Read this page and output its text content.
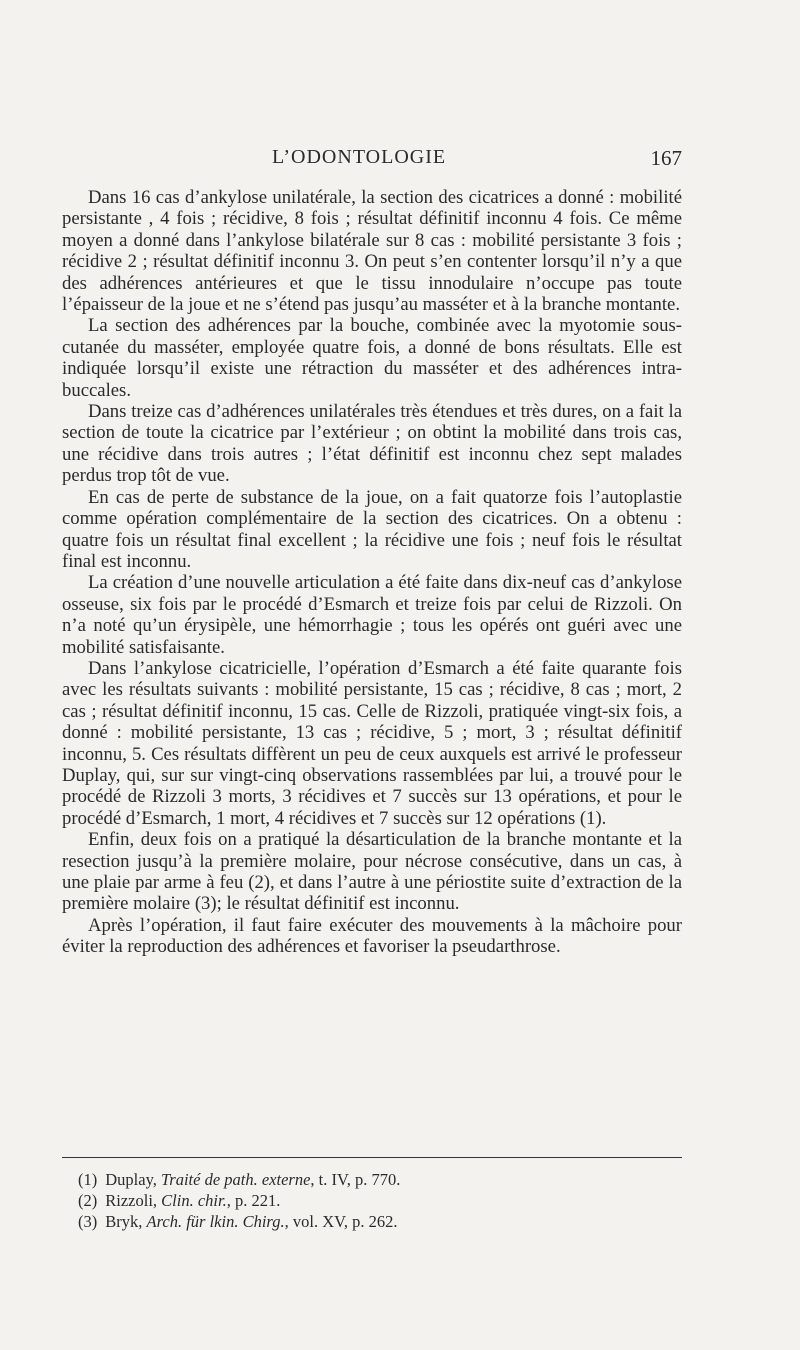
L’ODONTOLOGIE	167

Dans 16 cas d’ankylose unilatérale, la section des cicatrices a donné : mobilité persistante , 4 fois ; récidive, 8 fois ; résultat définitif inconnu 4 fois. Ce même moyen a donné dans l’ankylose bilatérale sur 8 cas : mobilité persistante 3 fois ; récidive 2 ; résultat définitif inconnu 3. On peut s’en contenter lorsqu’il n’y a que des adhérences antérieures et que le tissu innodulaire n’occupe pas toute l’épaisseur de la joue et ne s’étend pas jusqu’au masséter et à la branche montante.

La section des adhérences par la bouche, combinée avec la myotomie sous-cutanée du masséter, employée quatre fois, a donné de bons résultats. Elle est indiquée lorsqu’il existe une rétraction du masséter et des adhérences intra-buccales.

Dans treize cas d’adhérences unilatérales très étendues et très dures, on a fait la section de toute la cicatrice par l’extérieur ; on obtint la mobilité dans trois cas, une récidive dans trois autres ; l’état définitif est inconnu chez sept malades perdus trop tôt de vue.

En cas de perte de substance de la joue, on a fait quatorze fois l’autoplastie comme opération complémentaire de la section des cicatrices. On a obtenu : quatre fois un résultat final excellent ; la récidive une fois ; neuf fois le résultat final est inconnu.

La création d’une nouvelle articulation a été faite dans dix-neuf cas d’ankylose osseuse, six fois par le procédé d’Esmarch et treize fois par celui de Rizzoli. On n’a noté qu’un érysipèle, une hémorrhagie ; tous les opérés ont guéri avec une mobilité satisfaisante.

Dans l’ankylose cicatricielle, l’opération d’Esmarch a été faite quarante fois avec les résultats suivants : mobilité persistante, 15 cas ; récidive, 8 cas ; mort, 2 cas ; résultat définitif inconnu, 15 cas. Celle de Rizzoli, pratiquée vingt-six fois, a donné : mobilité persistante, 13 cas ; récidive, 5 ; mort, 3 ; résultat définitif inconnu, 5. Ces résultats diffèrent un peu de ceux auxquels est arrivé le professeur Duplay, qui, sur sur vingt-cinq observations rassemblées par lui, a trouvé pour le procédé de Rizzoli 3 morts, 3 récidives et 7 succès sur 13 opérations, et pour le procédé d’Esmarch, 1 mort, 4 récidives et 7 succès sur 12 opérations (1).

Enfin, deux fois on a pratiqué la désarticulation de la branche montante et la resection jusqu’à la première molaire, pour nécrose consécutive, dans un cas, à une plaie par arme à feu (2), et dans l’autre à une périostite suite d’extraction de la première molaire (3); le résultat définitif est inconnu.

Après l’opération, il faut faire exécuter des mouvements à la mâchoire pour éviter la reproduction des adhérences et favoriser la pseudarthrose.

(1) Duplay, Traité de path. externe, t. IV, p. 770.

(2) Rizzoli, Clin. chir., p. 221.

(3) Bryk, Arch. für lkin. Chirg., vol. XV, p. 262.
